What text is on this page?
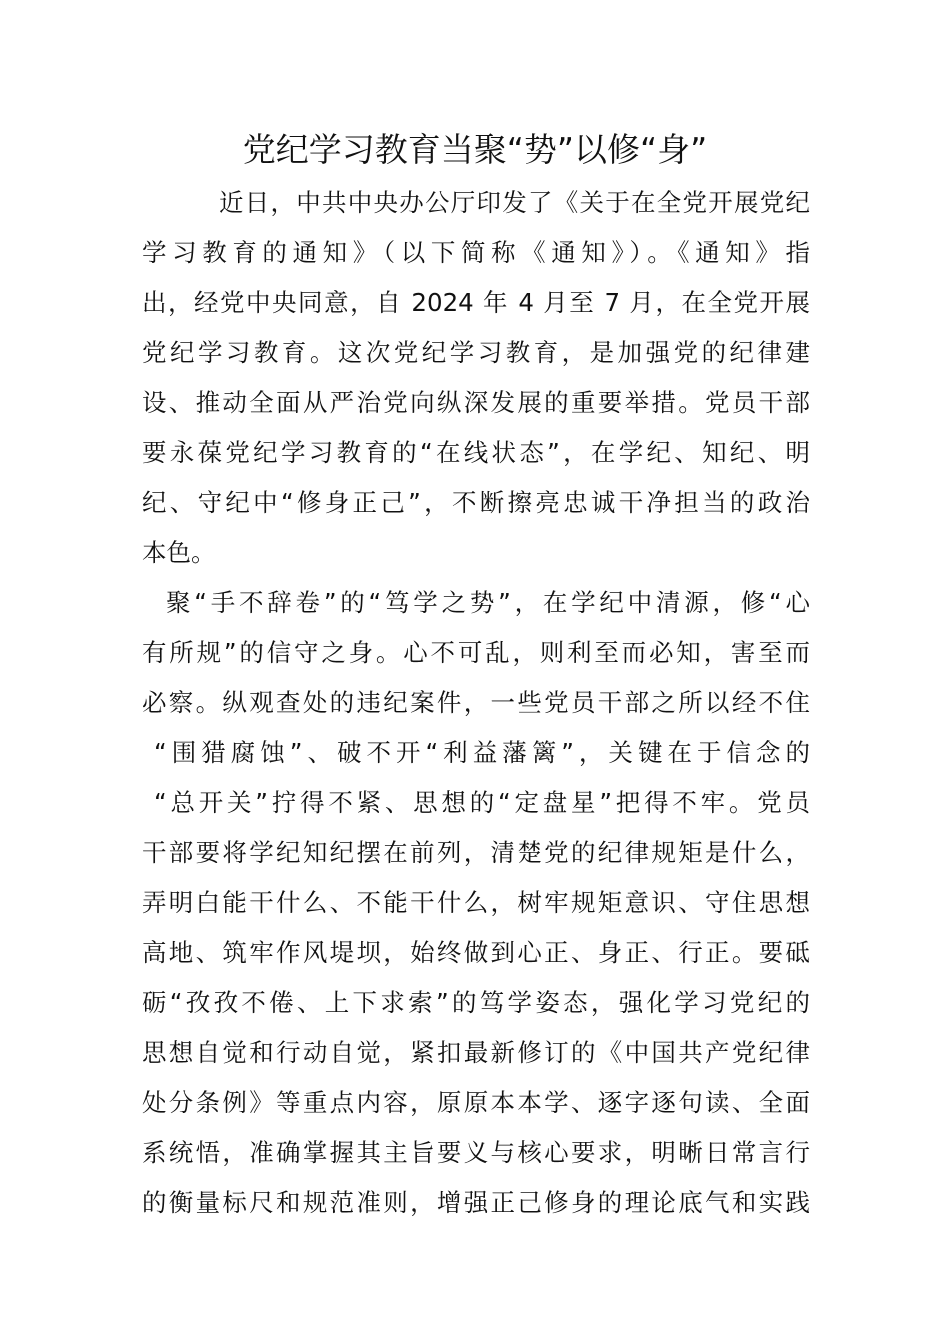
党纪学习教育当聚“势”以修“身”
近日，中共中央办公厅印发了《关于在全党开展党纪
学习教育的通知》（以下简称《通知》）。《通知》指
出，经党中央同意，自 2024 年 4 月至 7 月，在全党开展
党纪学习教育。这次党纪学习教育，是加强党的纪律建
设、推动全面从严治党向纵深发展的重要举措。党员干部
要永葆党纪学习教育的“在线状态”，在学纪、知纪、明
纪、守纪中“修身正己”，不断擦亮忠诚干净担当的政治
本色。
聚“手不辞卷”的“笃学之势”，在学纪中清源，修“心
有所规”的信守之身。心不可乱，则利至而必知，害至而
必察。纵观查处的违纪案件，一些党员干部之所以经不住
“围猎腐蚀”、破不开“利益藩篱”，关键在于信念的
“总开关”拧得不紧、思想的“定盘星”把得不牢。党员
干部要将学纪知纪摆在前列，清楚党的纪律规矩是什么，
弄明白能干什么、不能干什么，树牢规矩意识、守住思想
高地、筑牢作风堤坝，始终做到心正、身正、行正。要砥
砺“孜孜不倦、上下求索”的笃学姿态，强化学习党纪的
思想自觉和行动自觉，紧扣最新修订的《中国共产党纪律
处分条例》等重点内容，原原本本学、逐字逐句读、全面
系统悟，准确掌握其主旨要义与核心要求，明晰日常言行
的衡量标尺和规范准则，增强正己修身的理论底气和实践
